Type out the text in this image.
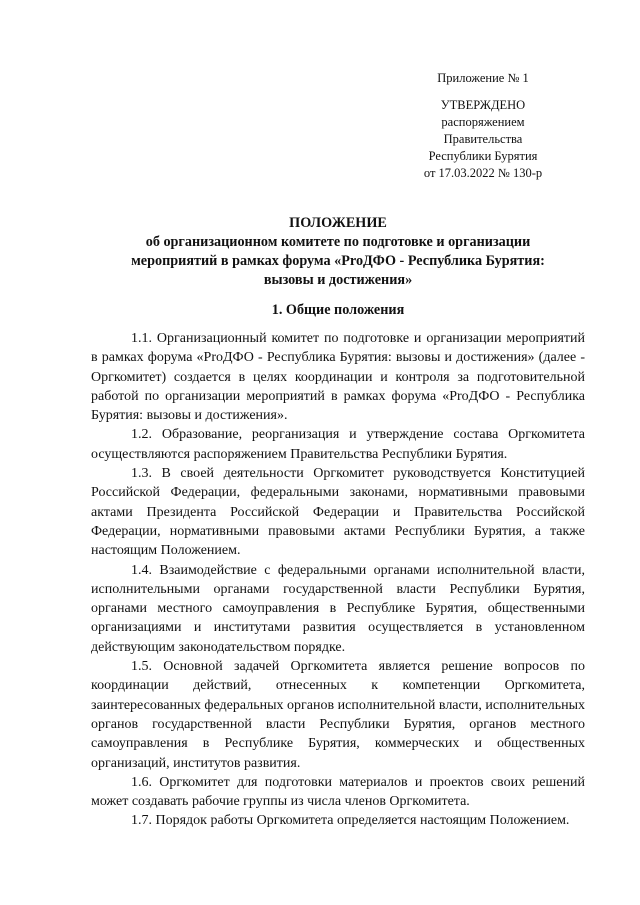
Приложение № 1
УТВЕРЖДЕНО
распоряжением Правительства
Республики Бурятия
от 17.03.2022 № 130-р
ПОЛОЖЕНИЕ
об организационном комитете по подготовке и организации
мероприятий в рамках форума «ProДФО - Республика Бурятия:
вызовы и достижения»
1. Общие положения

1.1. Организационный комитет по подготовке и организации мероприятий в рамках форума «ProДФО - Республика Бурятия: вызовы и достижения» (далее - Оргкомитет) создается в целях координации и контроля за подготовительной работой по организации мероприятий в рамках форума «ProДФО - Республика Бурятия: вызовы и достижения».

1.2. Образование, реорганизация и утверждение состава Оргкомитета осуществляются распоряжением Правительства Республики Бурятия.

1.3. В своей деятельности Оргкомитет руководствуется Конституцией Российской Федерации, федеральными законами, нормативными правовыми актами Президента Российской Федерации и Правительства Российской Федерации, нормативными правовыми актами Республики Бурятия, а также настоящим Положением.

1.4. Взаимодействие с федеральными органами исполнительной власти, исполнительными органами государственной власти Республики Бурятия, органами местного самоуправления в Республике Бурятия, общественными организациями и институтами развития осуществляется в установленном действующим законодательством порядке.

1.5. Основной задачей Оргкомитета является решение вопросов по координации действий, отнесенных к компетенции Оргкомитета, заинтересованных федеральных органов исполнительной власти, исполнительных органов государственной власти Республики Бурятия, органов местного самоуправления в Республике Бурятия, коммерческих и общественных организаций, институтов развития.

1.6. Оргкомитет для подготовки материалов и проектов своих решений может создавать рабочие группы из числа членов Оргкомитета.

1.7. Порядок работы Оргкомитета определяется настоящим Положением.
